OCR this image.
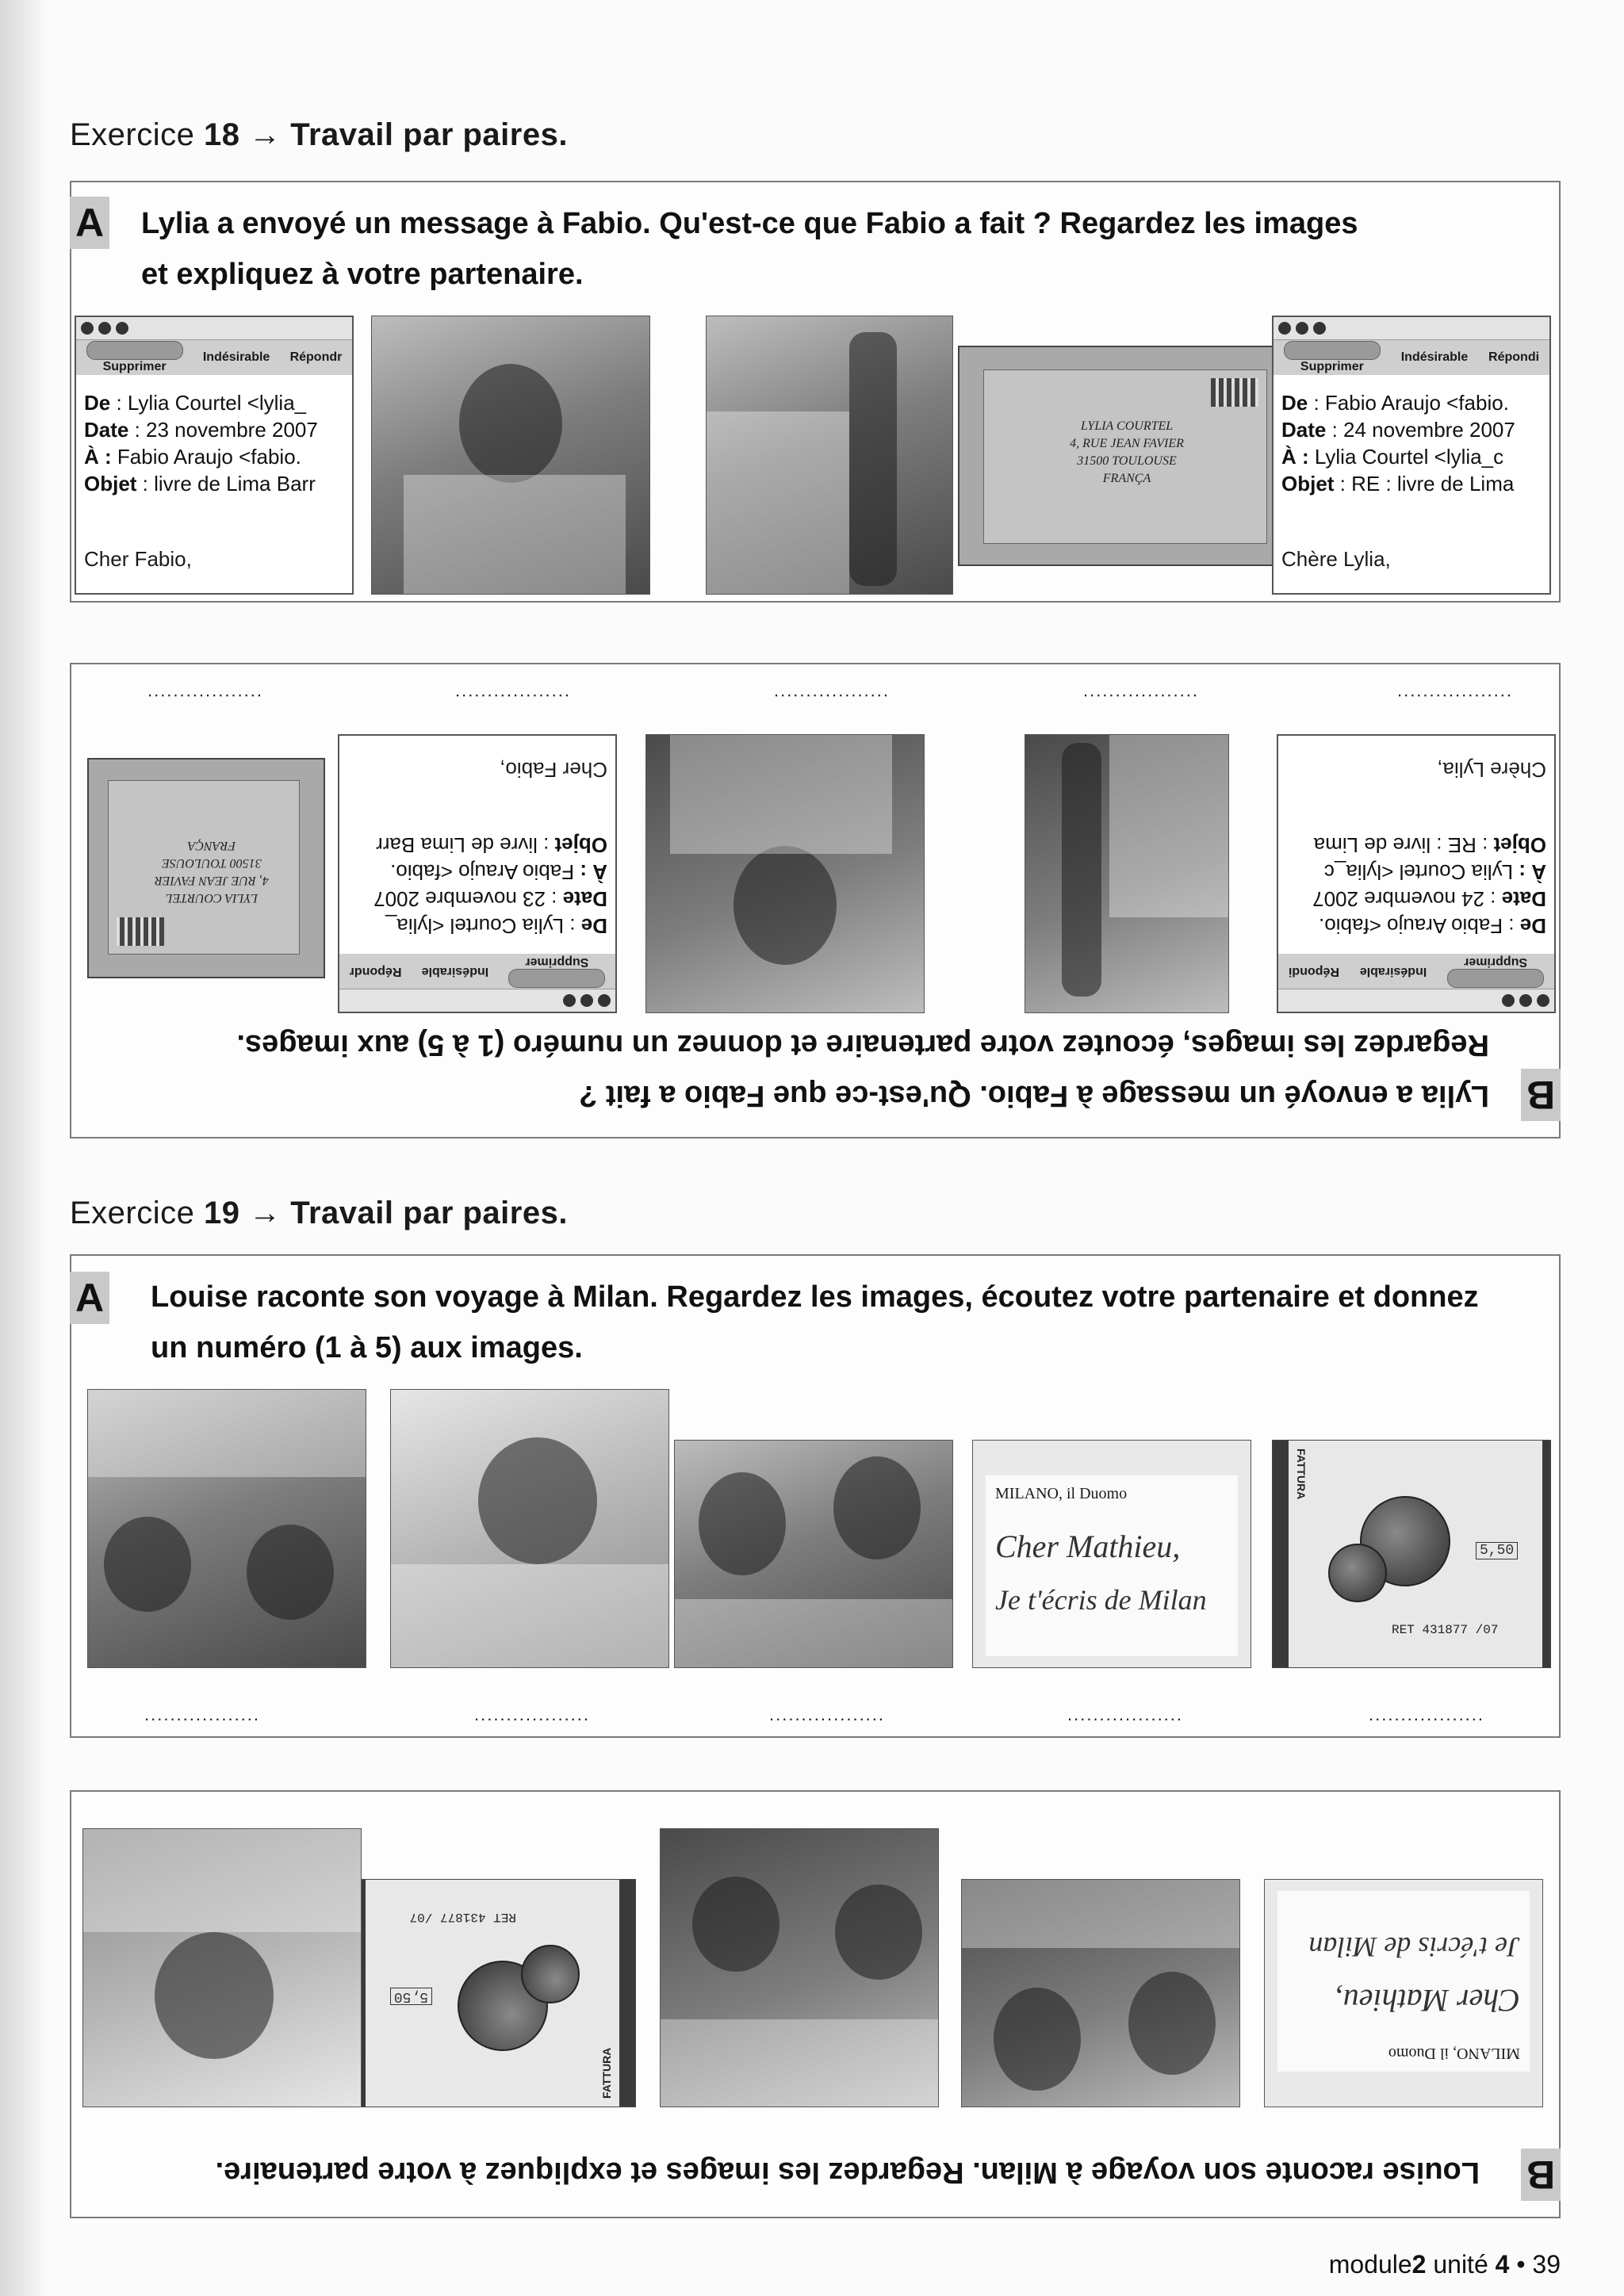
Exercice 18 → Travail par paires.
A Lylia a envoyé un message à Fabio. Qu'est-ce que Fabio a fait ? Regardez les images
et expliquez à votre partenaire.
Supprimer
Indésirable Répondr
De : Lylia Courtel <lylia_
Date : 23 novembre 2007
À : Fabio Araujo <fabio.
Objet : livre de Lima Barr
Cher Fabio,
LYLIA COURTEL
4, RUE JEAN FAVIER
31500 TOULOUSE
FRANÇA
Supprimer
Indésirable Répondi
De : Fabio Araujo <fabio.
Date : 24 novembre 2007
À : Lylia Courtel <lylia_c
Objet : RE : livre de Lima
Chère Lylia,
B
Lylia a envoyé un message à Fabio. Qu'est-ce que Fabio a fait ?
Regardez les images, écoutez votre partenaire et donnez un numéro (1 à 5) aux images.
Supprimer
Indésirable
Répondi
De : Fabio Araujo <fabio.
Date : 24 novembre 2007
À : Lylia Courtel <lylia_c
Objet : RE : livre de Lima
Chère Lylia,
Supprimer
Indésirable
Répondr
De : Lylia Courtel <lylia_
Date : 23 novembre 2007
À : Fabio Araujo <fabio.
Objet : livre de Lima Barr
Cher Fabio,
LYLIA COURTEL
4, RUE JEAN FAVIER
31500 TOULOUSE
FRANÇA
..................
..................
..................
..................
..................
Exercice 19 → Travail par paires.
A Louise raconte son voyage à Milan. Regardez les images, écoutez votre partenaire et donnez
un numéro (1 à 5) aux images.
MILANO, il Duomo
Cher Mathieu,
Je t'écris de Milan
FATTURA
5,50
RET 431877 /07
..................	..................	..................	..................	..................
B
Louise raconte son voyage à Milan. Regardez les images et expliquez à votre partenaire.
MILANO, il Duomo
Cher Mathieu,
Je t'écris de Milan
FATTURA
5,50
RET 431877 /07
module2 unité 4 • 39
